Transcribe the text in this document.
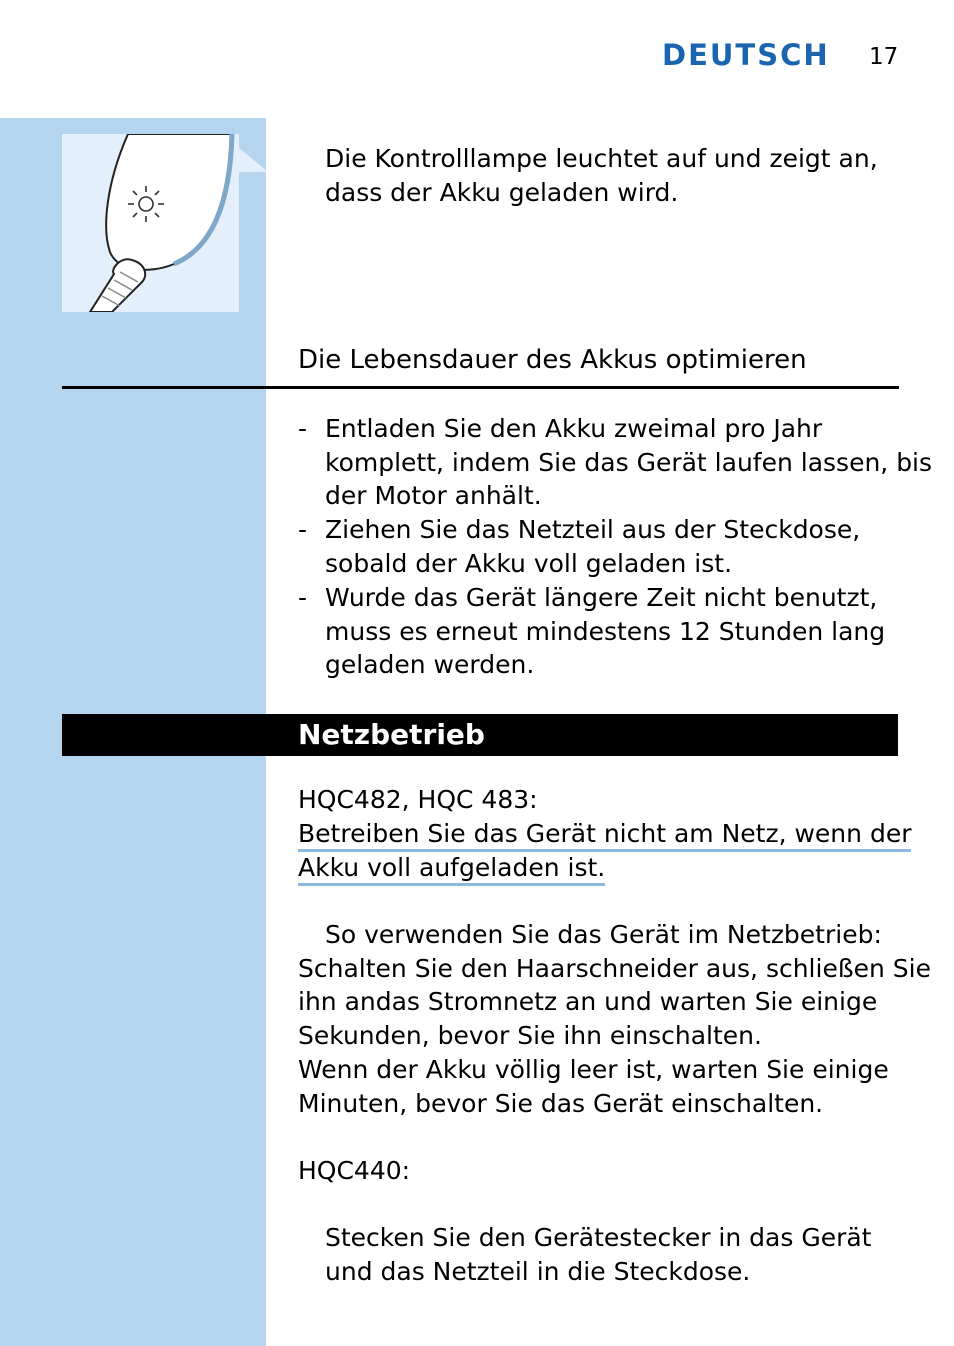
DEUTSCH 17
Die Kontrolllampe leuchtet auf und zeigt an,
dass der Akku geladen wird.
Die Lebensdauer des Akkus optimieren
- Entladen Sie den Akku zweimal pro Jahr
komplett, indem Sie das Gerät laufen lassen, bis
der Motor anhält.
- Ziehen Sie das Netzteil aus der Steckdose,
sobald der Akku voll geladen ist.
- Wurde das Gerät längere Zeit nicht benutzt,
muss es erneut mindestens 12 Stunden lang
geladen werden.
Netzbetrieb
HQC482, HQC 483:
Betreiben Sie das Gerät nicht am Netz, wenn der
Akku voll aufgeladen ist.
So verwenden Sie das Gerät im Netzbetrieb:
Schalten Sie den Haarschneider aus, schließen Sie
ihn andas Stromnetz an und warten Sie einige
Sekunden, bevor Sie ihn einschalten.
Wenn der Akku völlig leer ist, warten Sie einige
Minuten, bevor Sie das Gerät einschalten.
HQC440:
Stecken Sie den Gerätestecker in das Gerät
und das Netzteil in die Steckdose.
